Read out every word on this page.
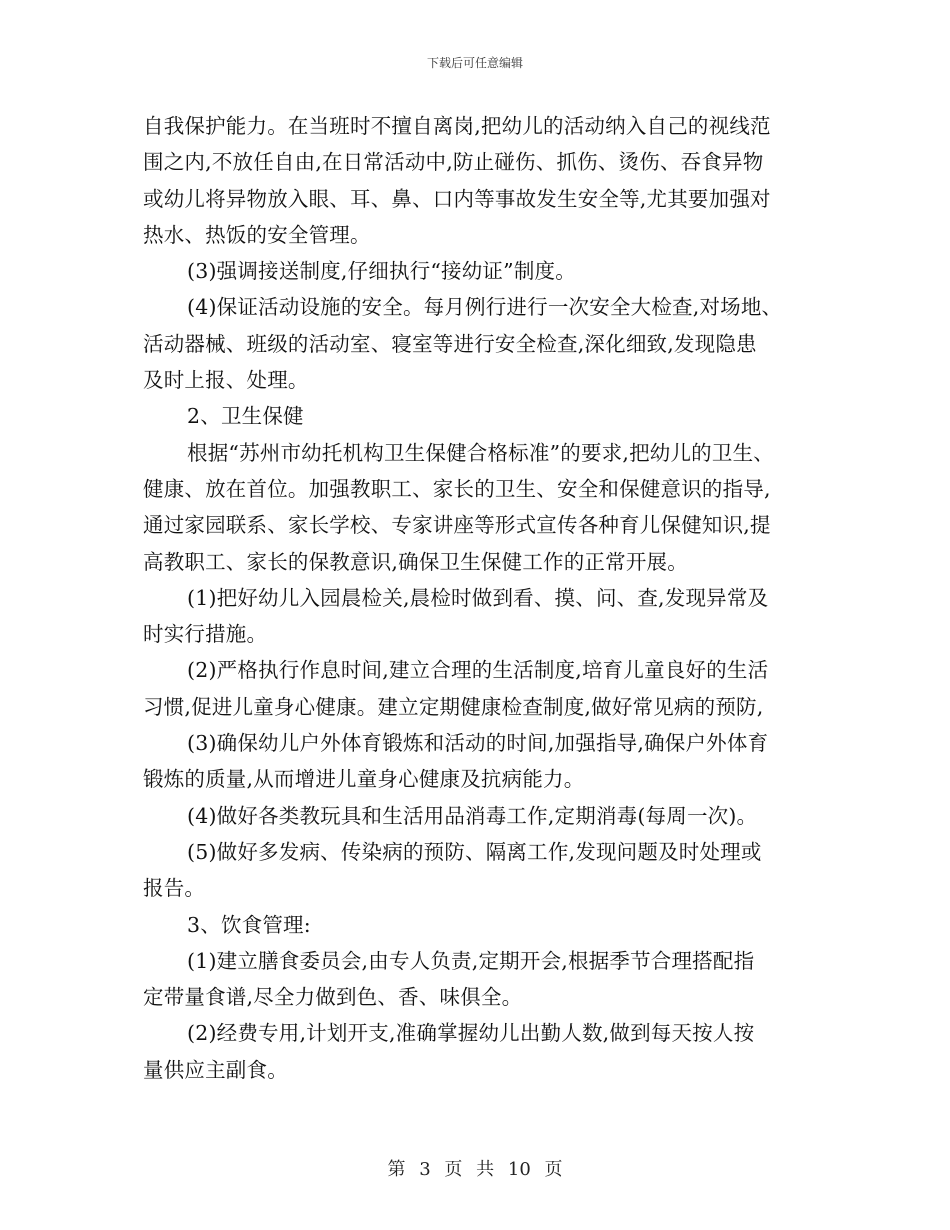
下载后可任意编辑

自我保护能力。在当班时不擅自离岗,把幼儿的活动纳入自己的视线范
围之内,不放任自由,在日常活动中,防止碰伤、抓伤、烫伤、吞食异物
或幼儿将异物放入眼、耳、鼻、口内等事故发生安全等,尤其要加强对
热水、热饭的安全管理。

(3)强调接送制度,仔细执行“接幼证”制度。

(4)保证活动设施的安全。每月例行进行一次安全大检查,对场地、
活动器械、班级的活动室、寝室等进行安全检查,深化细致,发现隐患
及时上报、处理。

2、卫生保健

根据“苏州市幼托机构卫生保健合格标准”的要求,把幼儿的卫生、
健康、放在首位。加强教职工、家长的卫生、安全和保健意识的指导,
通过家园联系、家长学校、专家讲座等形式宣传各种育儿保健知识,提
高教职工、家长的保教意识,确保卫生保健工作的正常开展。

(1)把好幼儿入园晨检关,晨检时做到看、摸、问、查,发现异常及
时实行措施。

(2)严格执行作息时间,建立合理的生活制度,培育儿童良好的生活
习惯,促进儿童身心健康。建立定期健康检查制度,做好常见病的预防,

(3)确保幼儿户外体育锻炼和活动的时间,加强指导,确保户外体育
锻炼的质量,从而增进儿童身心健康及抗病能力。

(4)做好各类教玩具和生活用品消毒工作,定期消毒(每周一次)。

(5)做好多发病、传染病的预防、隔离工作,发现问题及时处理或
报告。

3、饮食管理:

(1)建立膳食委员会,由专人负责,定期开会,根据季节合理搭配指
定带量食谱,尽全力做到色、香、味俱全。

(2)经费专用,计划开支,准确掌握幼儿出勤人数,做到每天按人按
量供应主副食。

第 3 页 共 10 页
